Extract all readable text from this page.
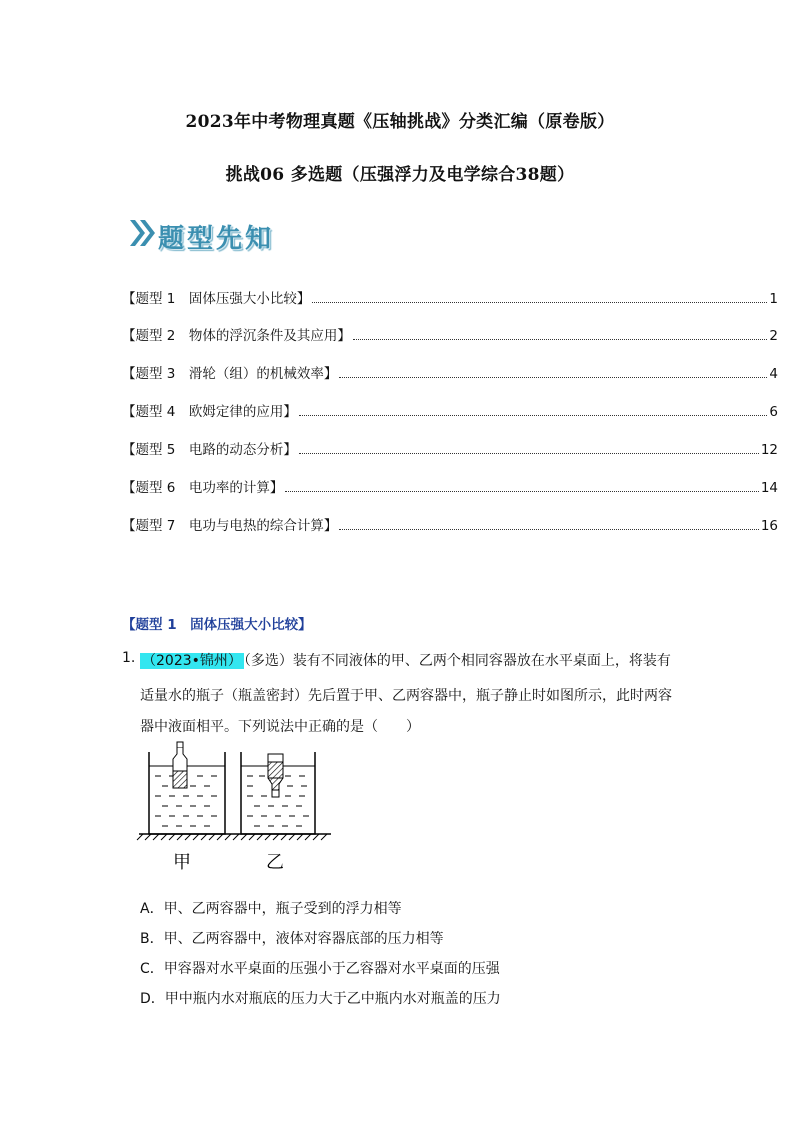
2023年中考物理真题《压轴挑战》分类汇编（原卷版）
挑战06 多选题（压强浮力及电学综合38题）
题型先知
【题型 1　固体压强大小比较】	1
【题型 2　物体的浮沉条件及其应用】	2
【题型 3　滑轮（组）的机械效率】	4
【题型 4　欧姆定律的应用】	6
【题型 5　电路的动态分析】	12
【题型 6　电功率的计算】	14
【题型 7　电功与电热的综合计算】	16
【题型 1　固体压强大小比较】
1. （2023•锦州） （多选）装有不同液体的甲、乙两个相同容器放在水平桌面上，将装有
适量水的瓶子（瓶盖密封）先后置于甲、乙两容器中，瓶子静止时如图所示，此时两容
器中液面相平。下列说法中正确的是（　　）
甲	乙
A．甲、乙两容器中，瓶子受到的浮力相等
B．甲、乙两容器中，液体对容器底部的压力相等
C．甲容器对水平桌面的压强小于乙容器对水平桌面的压强
D．甲中瓶内水对瓶底的压力大于乙中瓶内水对瓶盖的压力
